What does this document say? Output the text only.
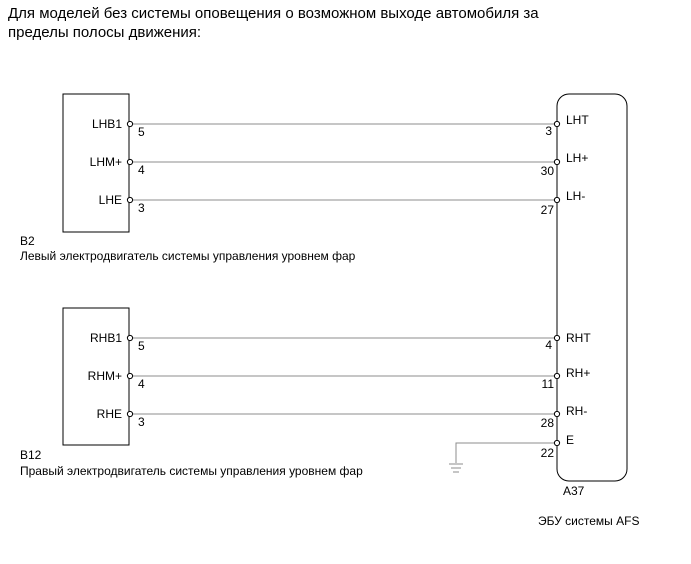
Для моделей без системы оповещения о возможном выходе автомобиля за
пределы полосы движения:
LHB1
LHM+
LHE
RHB1
RHM+
RHE
5
4
3
5
4
3
LHT
LH+
LH-
RHT
RH+
RH-
E
3
30
27
4
11
28
22
B2
Левый электродвигатель системы управления уровнем фар
B12
Правый электродвигатель системы управления уровнем фар
A37
ЭБУ системы AFS
